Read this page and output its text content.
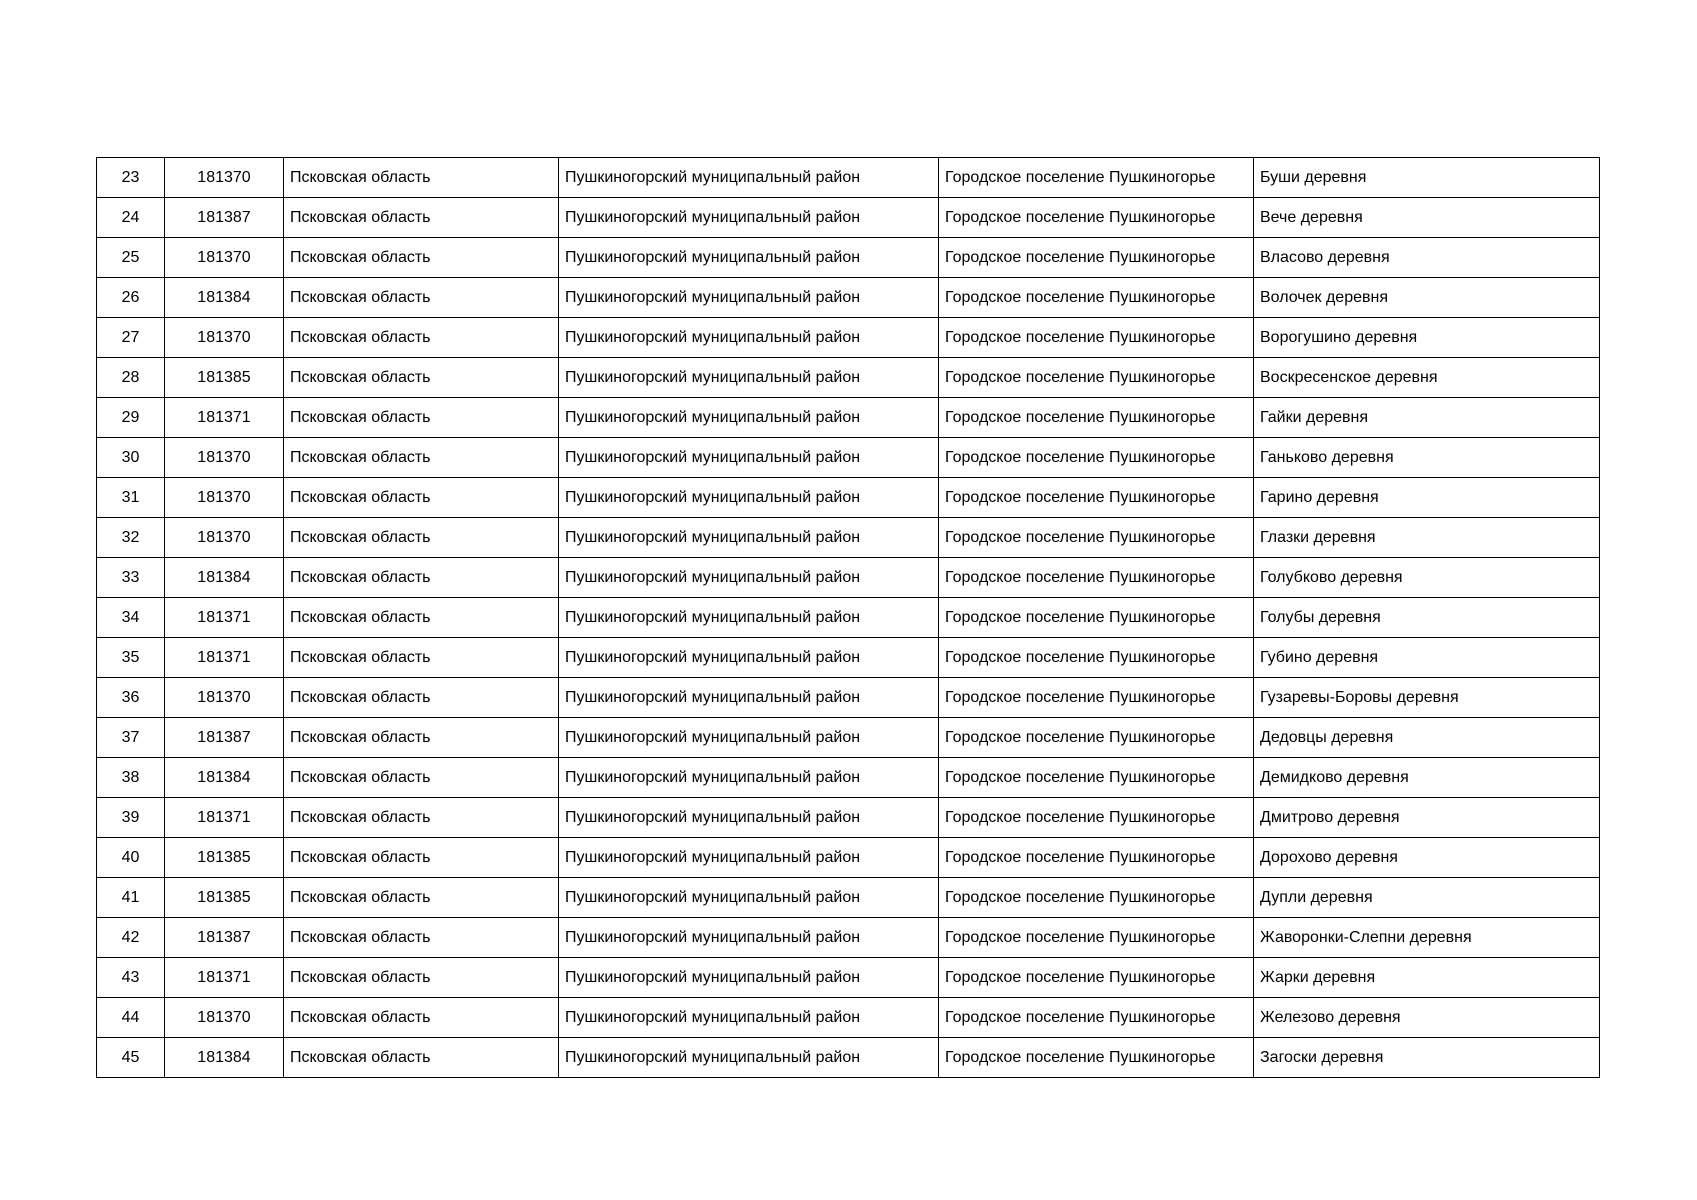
23	181370	Псковская область	Пушкиногорский муниципальный район	Городское поселение Пушкиногорье	Буши деревня
24	181387	Псковская область	Пушкиногорский муниципальный район	Городское поселение Пушкиногорье	Вече деревня
25	181370	Псковская область	Пушкиногорский муниципальный район	Городское поселение Пушкиногорье	Власово деревня
26	181384	Псковская область	Пушкиногорский муниципальный район	Городское поселение Пушкиногорье	Волочек деревня
27	181370	Псковская область	Пушкиногорский муниципальный район	Городское поселение Пушкиногорье	Ворогушино деревня
28	181385	Псковская область	Пушкиногорский муниципальный район	Городское поселение Пушкиногорье	Воскресенское деревня
29	181371	Псковская область	Пушкиногорский муниципальный район	Городское поселение Пушкиногорье	Гайки деревня
30	181370	Псковская область	Пушкиногорский муниципальный район	Городское поселение Пушкиногорье	Ганьково деревня
31	181370	Псковская область	Пушкиногорский муниципальный район	Городское поселение Пушкиногорье	Гарино деревня
32	181370	Псковская область	Пушкиногорский муниципальный район	Городское поселение Пушкиногорье	Глазки деревня
33	181384	Псковская область	Пушкиногорский муниципальный район	Городское поселение Пушкиногорье	Голубково деревня
34	181371	Псковская область	Пушкиногорский муниципальный район	Городское поселение Пушкиногорье	Голубы деревня
35	181371	Псковская область	Пушкиногорский муниципальный район	Городское поселение Пушкиногорье	Губино деревня
36	181370	Псковская область	Пушкиногорский муниципальный район	Городское поселение Пушкиногорье	Гузаревы-Боровы деревня
37	181387	Псковская область	Пушкиногорский муниципальный район	Городское поселение Пушкиногорье	Дедовцы деревня
38	181384	Псковская область	Пушкиногорский муниципальный район	Городское поселение Пушкиногорье	Демидково деревня
39	181371	Псковская область	Пушкиногорский муниципальный район	Городское поселение Пушкиногорье	Дмитрово деревня
40	181385	Псковская область	Пушкиногорский муниципальный район	Городское поселение Пушкиногорье	Дорохово деревня
41	181385	Псковская область	Пушкиногорский муниципальный район	Городское поселение Пушкиногорье	Дупли деревня
42	181387	Псковская область	Пушкиногорский муниципальный район	Городское поселение Пушкиногорье	Жаворонки-Слепни деревня
43	181371	Псковская область	Пушкиногорский муниципальный район	Городское поселение Пушкиногорье	Жарки деревня
44	181370	Псковская область	Пушкиногорский муниципальный район	Городское поселение Пушкиногорье	Железово деревня
45	181384	Псковская область	Пушкиногорский муниципальный район	Городское поселение Пушкиногорье	Загоски деревня
